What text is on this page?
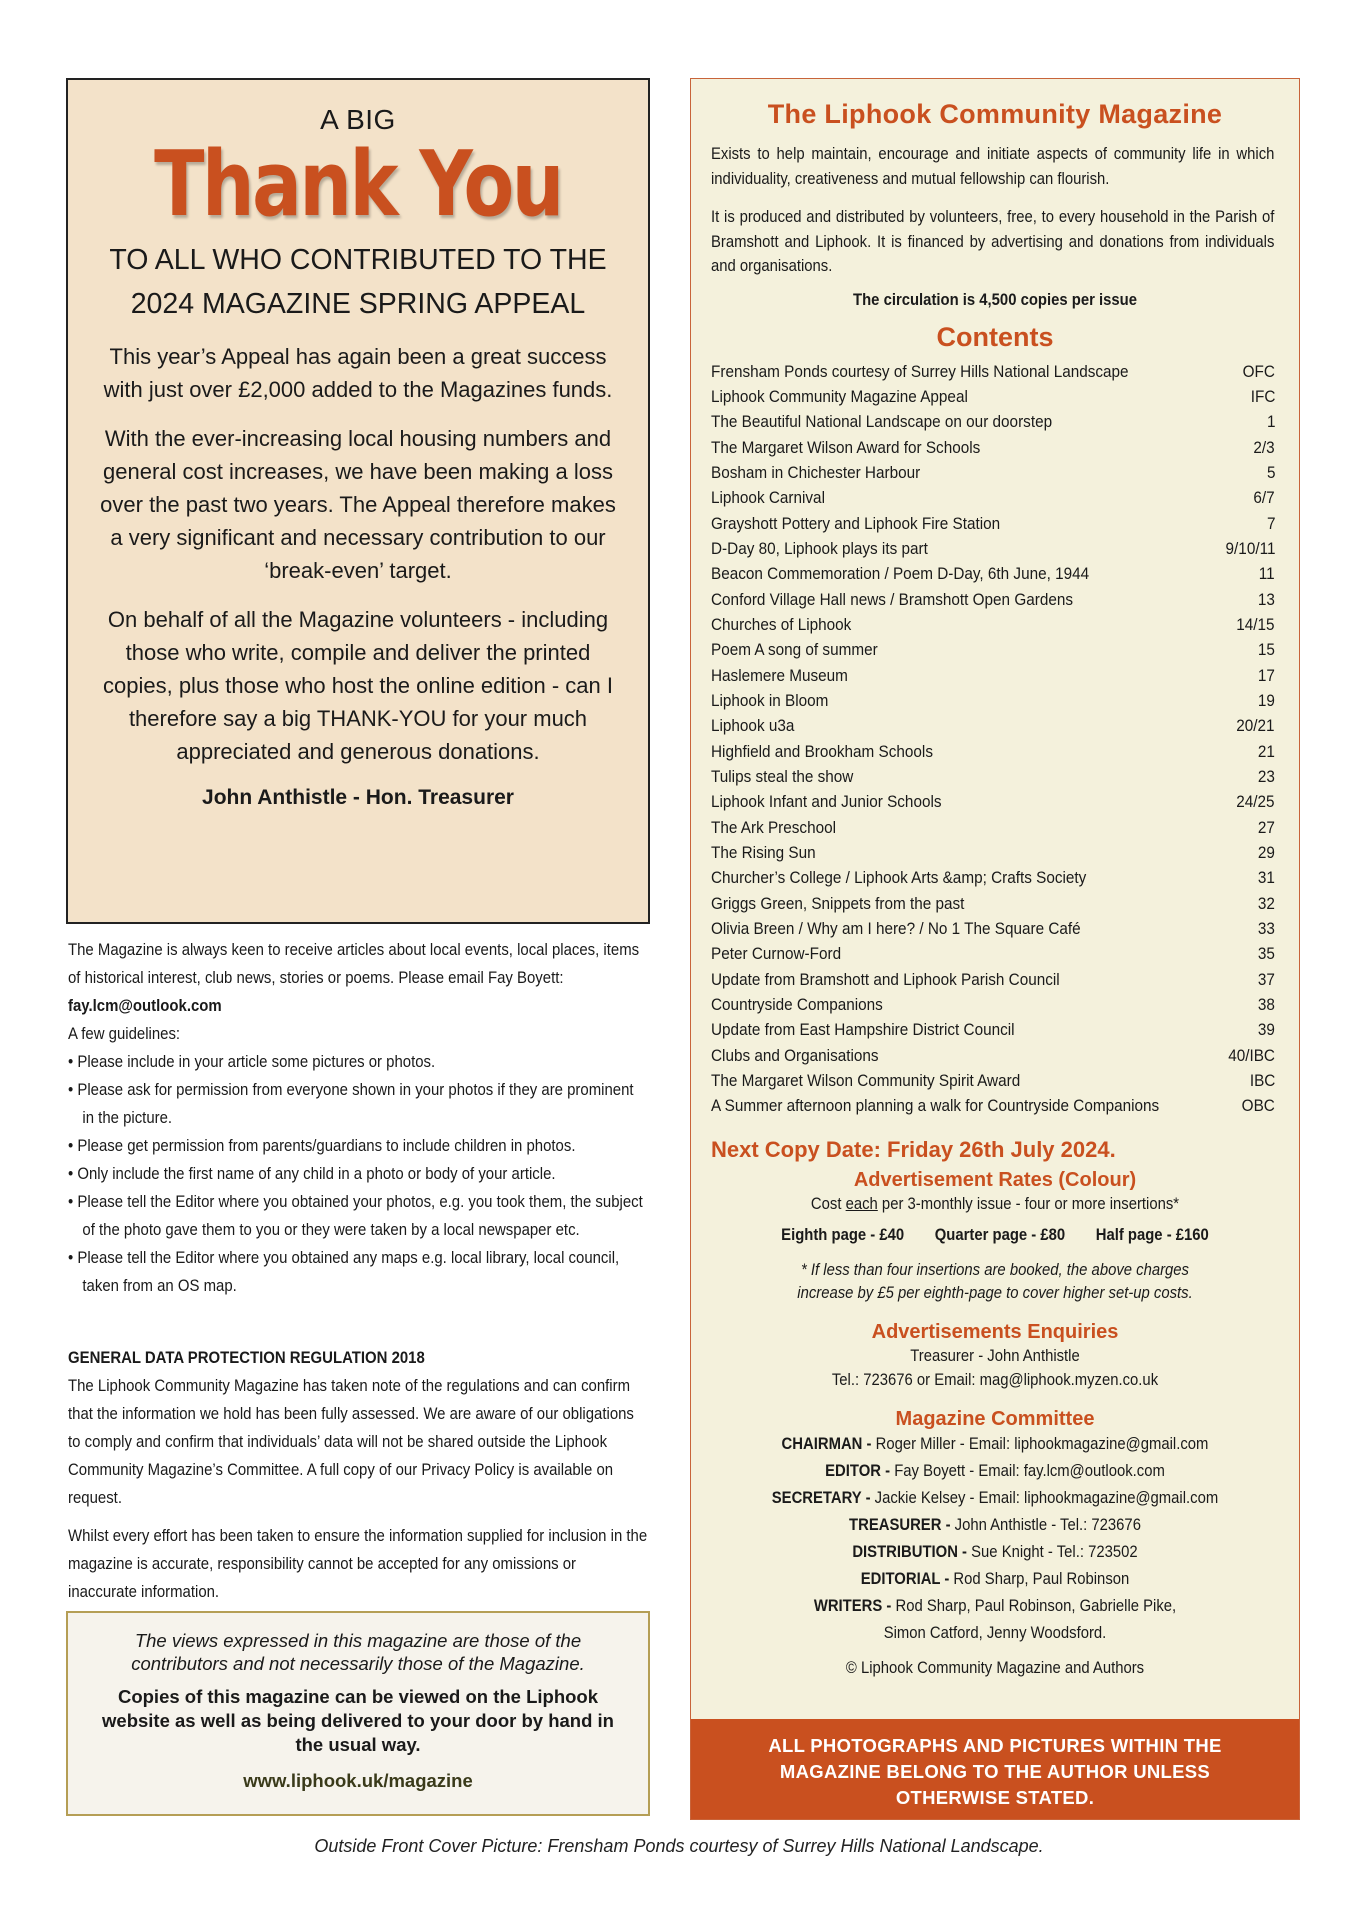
A BIG
Thank You
TO ALL WHO CONTRIBUTED TO THE
2024 MAGAZINE SPRING APPEAL

This year’s Appeal has again been a great success with just over £2,000 added to the Magazines funds.

With the ever-increasing local housing numbers and general cost increases, we have been making a loss over the past two years. The Appeal therefore makes a very significant and necessary contribution to our ‘break-even’ target.

On behalf of all the Magazine volunteers - including those who write, compile and deliver the printed copies, plus those who host the online edition - can I therefore say a big THANK-YOU for your much appreciated and generous donations.

John Anthistle - Hon. Treasurer
The Magazine is always keen to receive articles about local events, local places, items of historical interest, club news, stories or poems. Please email Fay Boyett: fay.lcm@outlook.com
A few guidelines:
• Please include in your article some pictures or photos.
• Please ask for permission from everyone shown in your photos if they are prominent in the picture.
• Please get permission from parents/guardians to include children in photos.
• Only include the first name of any child in a photo or body of your article.
• Please tell the Editor where you obtained your photos, e.g. you took them, the subject of the photo gave them to you or they were taken by a local newspaper etc.
• Please tell the Editor where you obtained any maps e.g. local library, local council, taken from an OS map.
GENERAL DATA PROTECTION REGULATION 2018

The Liphook Community Magazine has taken note of the regulations and can confirm that the information we hold has been fully assessed. We are aware of our obligations to comply and confirm that individuals’ data will not be shared outside the Liphook Community Magazine’s Committee. A full copy of our Privacy Policy is available on request.

Whilst every effort has been taken to ensure the information supplied for inclusion in the magazine is accurate, responsibility cannot be accepted for any omissions or inaccurate information.

The views expressed in this magazine are those of the contributors and not necessarily those of the Magazine.
Copies of this magazine can be viewed on the Liphook website as well as being delivered to your door by hand in the usual way.
www.liphook.uk/magazine
The Liphook Community Magazine

Exists to help maintain, encourage and initiate aspects of community life in which individuality, creativeness and mutual fellowship can flourish.

It is produced and distributed by volunteers, free, to every household in the Parish of Bramshott and Liphook. It is financed by advertising and donations from individuals and organisations.

The circulation is 4,500 copies per issue
Contents
Frensham Ponds courtesy of Surrey Hills National Landscape	OFC
Liphook Community Magazine Appeal	IFC
The Beautiful National Landscape on our doorstep	1
The Margaret Wilson Award for Schools	2/3
Bosham in Chichester Harbour	5
Liphook Carnival	6/7
Grayshott Pottery and Liphook Fire Station	7
D-Day 80, Liphook plays its part	9/10/11
Beacon Commemoration / Poem D-Day, 6th June, 1944	11
Conford Village Hall news / Bramshott Open Gardens	13
Churches of Liphook	14/15
Poem A song of summer	15
Haslemere Museum	17
Liphook in Bloom	19
Liphook u3a	20/21
Highfield and Brookham Schools	21
Tulips steal the show	23
Liphook Infant and Junior Schools	24/25
The Ark Preschool	27
The Rising Sun	29
Churcher’s College / Liphook Arts &amp; Crafts Society	31
Griggs Green, Snippets from the past	32
Olivia Breen / Why am I here? / No 1 The Square Café	33
Peter Curnow-Ford	35
Update from Bramshott and Liphook Parish Council	37
Countryside Companions	38
Update from East Hampshire District Council	39
Clubs and Organisations	40/IBC
The Margaret Wilson Community Spirit Award	IBC
A Summer afternoon planning a walk for Countryside Companions	OBC
Next Copy Date: Friday 26th July 2024.
Advertisement Rates (Colour)
Cost each per 3-monthly issue - four or more insertions*
Eighth page - £40 Quarter page - £80 Half page - £160
* If less than four insertions are booked, the above charges
increase by £5 per eighth-page to cover higher set-up costs.
Advertisements Enquiries
Treasurer - John Anthistle
Tel.: 723676 or Email: mag@liphook.myzen.co.uk
Magazine Committee
CHAIRMAN - Roger Miller - Email: liphookmagazine@gmail.com
EDITOR - Fay Boyett - Email: fay.lcm@outlook.com
SECRETARY - Jackie Kelsey - Email: liphookmagazine@gmail.com
TREASURER - John Anthistle - Tel.: 723676
DISTRIBUTION - Sue Knight - Tel.: 723502
EDITORIAL - Rod Sharp, Paul Robinson
WRITERS - Rod Sharp, Paul Robinson, Gabrielle Pike,
Simon Catford, Jenny Woodsford.
© Liphook Community Magazine and Authors
ALL PHOTOGRAPHS AND PICTURES WITHIN THE
MAGAZINE BELONG TO THE AUTHOR UNLESS
OTHERWISE STATED.
Outside Front Cover Picture: Frensham Ponds courtesy of Surrey Hills National Landscape.
